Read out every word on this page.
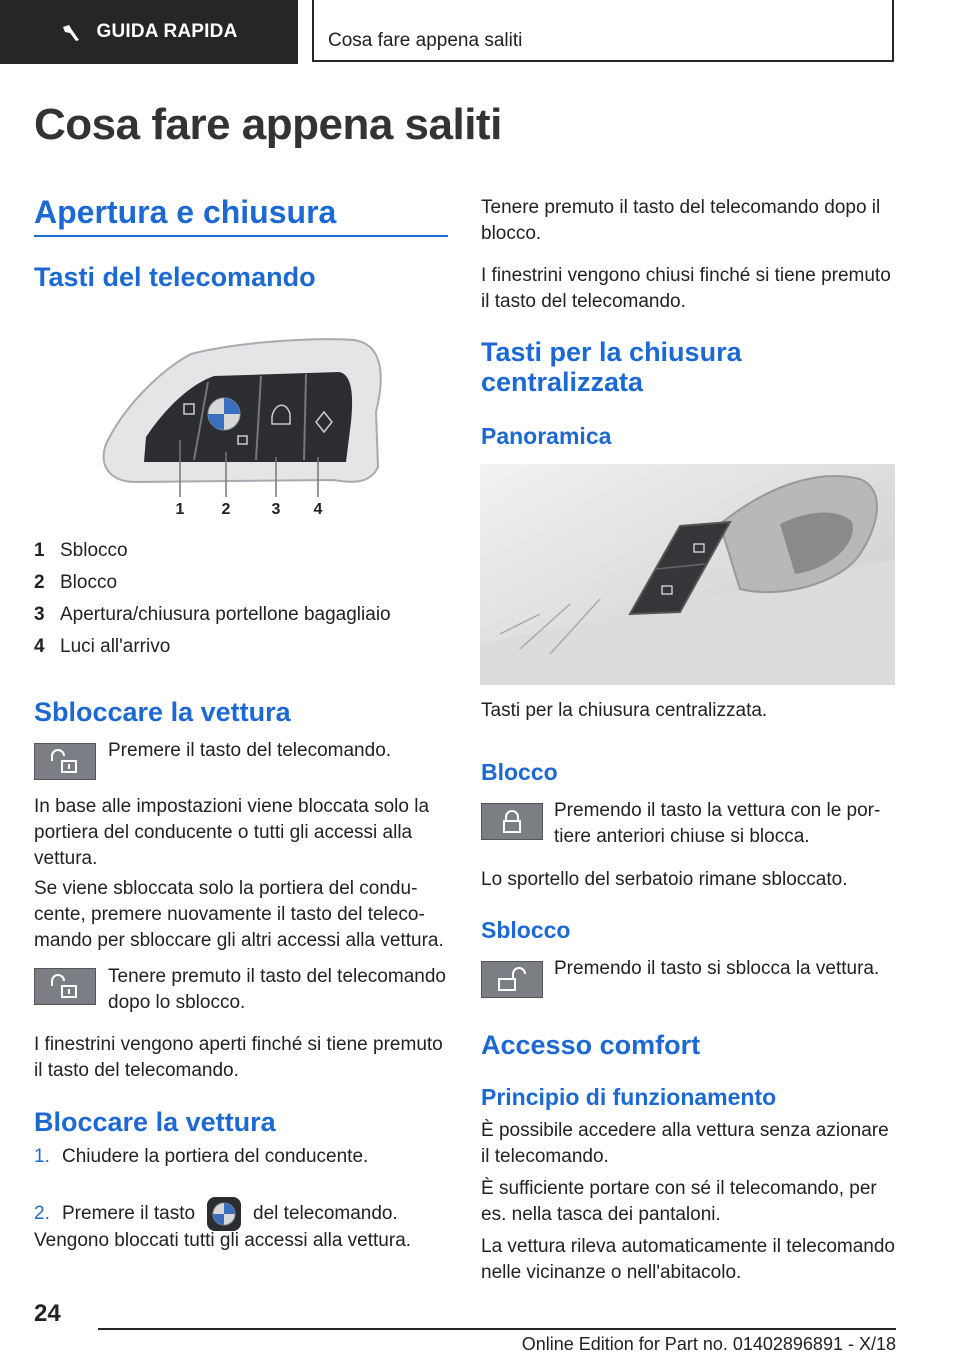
GUIDA RAPIDA	Cosa fare appena saliti
Cosa fare appena saliti
Apertura e chiusura
Tasti del telecomando
1 2	3 4
1 Sblocco
2 Blocco
3 Apertura/chiusura portellone bagagliaio
4 Luci all'arrivo
Sbloccare la vettura
Premere il tasto del telecomando.
In base alle impostazioni viene bloccata solo la portiera del conducente o tutti gli accessi alla vettura.
Se viene sbloccata solo la portiera del conducente, premere nuovamente il tasto del telecomando per sbloccare gli altri accessi alla vettura.
Tenere premuto il tasto del telecomando dopo lo sblocco.
I finestrini vengono aperti finché si tiene premuto il tasto del telecomando.
Bloccare la vettura
1. Chiudere la portiera del conducente.
2. Premere il tasto	del telecomando.
Vengono bloccati tutti gli accessi alla vettura.
Tenere premuto il tasto del telecomando dopo il blocco.
I finestrini vengono chiusi finché si tiene premuto il tasto del telecomando.
Tasti per la chiusura centralizzata
Panoramica
Tasti per la chiusura centralizzata.
Blocco
Premendo il tasto la vettura con le portiere anteriori chiuse si blocca.
Lo sportello del serbatoio rimane sbloccato.
Sblocco
Premendo il tasto si sblocca la vettura.
Accesso comfort
Principio di funzionamento
È possibile accedere alla vettura senza azionare il telecomando.
È sufficiente portare con sé il telecomando, per es. nella tasca dei pantaloni.
La vettura rileva automaticamente il telecomando nelle vicinanze o nell'abitacolo.
24
Online Edition for Part no. 01402896891 - X/18
